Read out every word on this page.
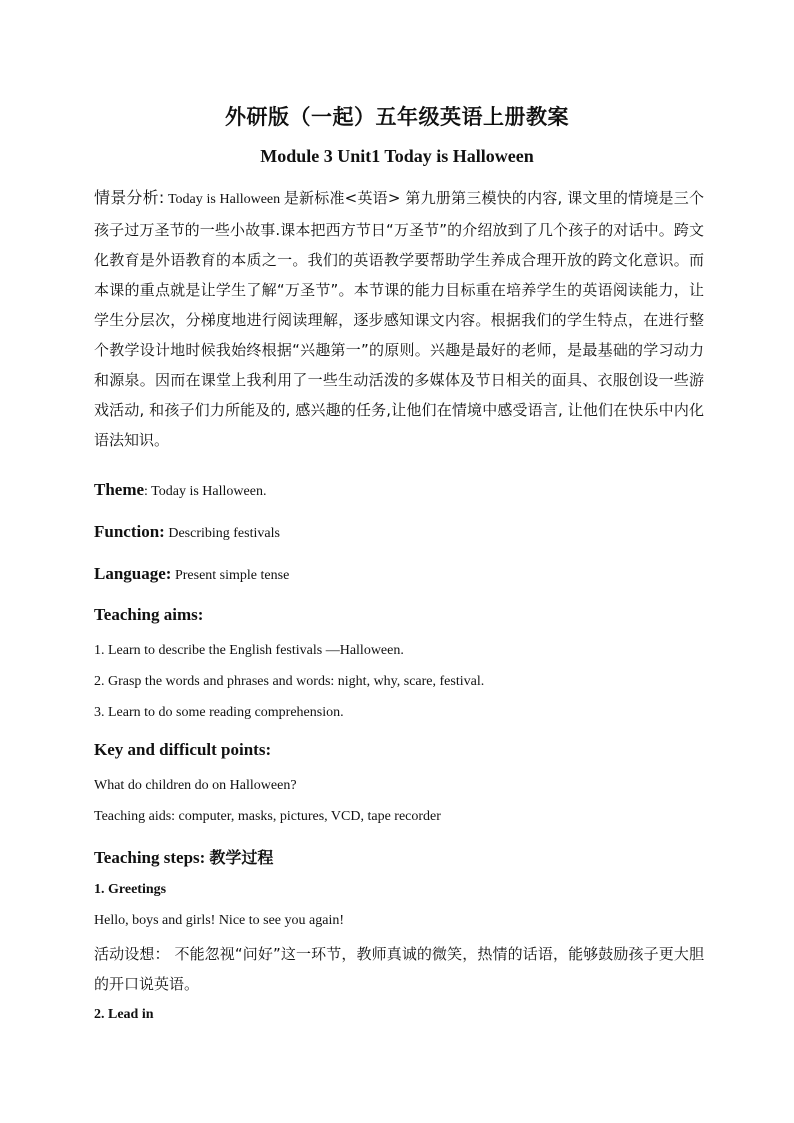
外研版（一起）五年级英语上册教案
Module 3 Unit1 Today is Halloween
情景分析: Today is Halloween 是新标准<英语> 第九册第三模快的内容, 课文里的情境是三个孩子过万圣节的一些小故事.课本把西方节日“万圣节”的介绍放到了几个孩子的对话中。跨文化教育是外语教育的本质之一。我们的英语教学要帮助学生养成合理开放的跨文化意识。而本课的重点就是让学生了解“万圣节”。本节课的能力目标重在培养学生的英语阅读能力，让学生分层次，分梯度地进行阅读理解，逐步感知课文内容。根据我们的学生特点，在进行整个教学设计地时候我始终根据“兴趣第一”的原则。兴趣是最好的老师，是最基础的学习动力和源泉。因而在课堂上我利用了一些生动活泼的多媒体及节日相关的面具、衣服创设一些游戏活动, 和孩子们力所能及的, 感兴趣的任务,让他们在情境中感受语言, 让他们在快乐中内化语法知识。
Theme: Today is Halloween.
Function: Describing festivals
Language: Present simple tense
Teaching aims:
1. Learn to describe the English festivals —Halloween.
2. Grasp the words and phrases and words: night, why, scare, festival.
3. Learn to do some reading comprehension.
Key and difficult points:
What do children do on Halloween?
Teaching aids: computer, masks, pictures, VCD, tape recorder
Teaching steps: 教学过程
1. Greetings
Hello, boys and girls! Nice to see you again!
活动设想： 不能忽视“问好”这一环节，教师真诚的微笑，热情的话语，能够鼓励孩子更大胆的开口说英语。
2. Lead in
